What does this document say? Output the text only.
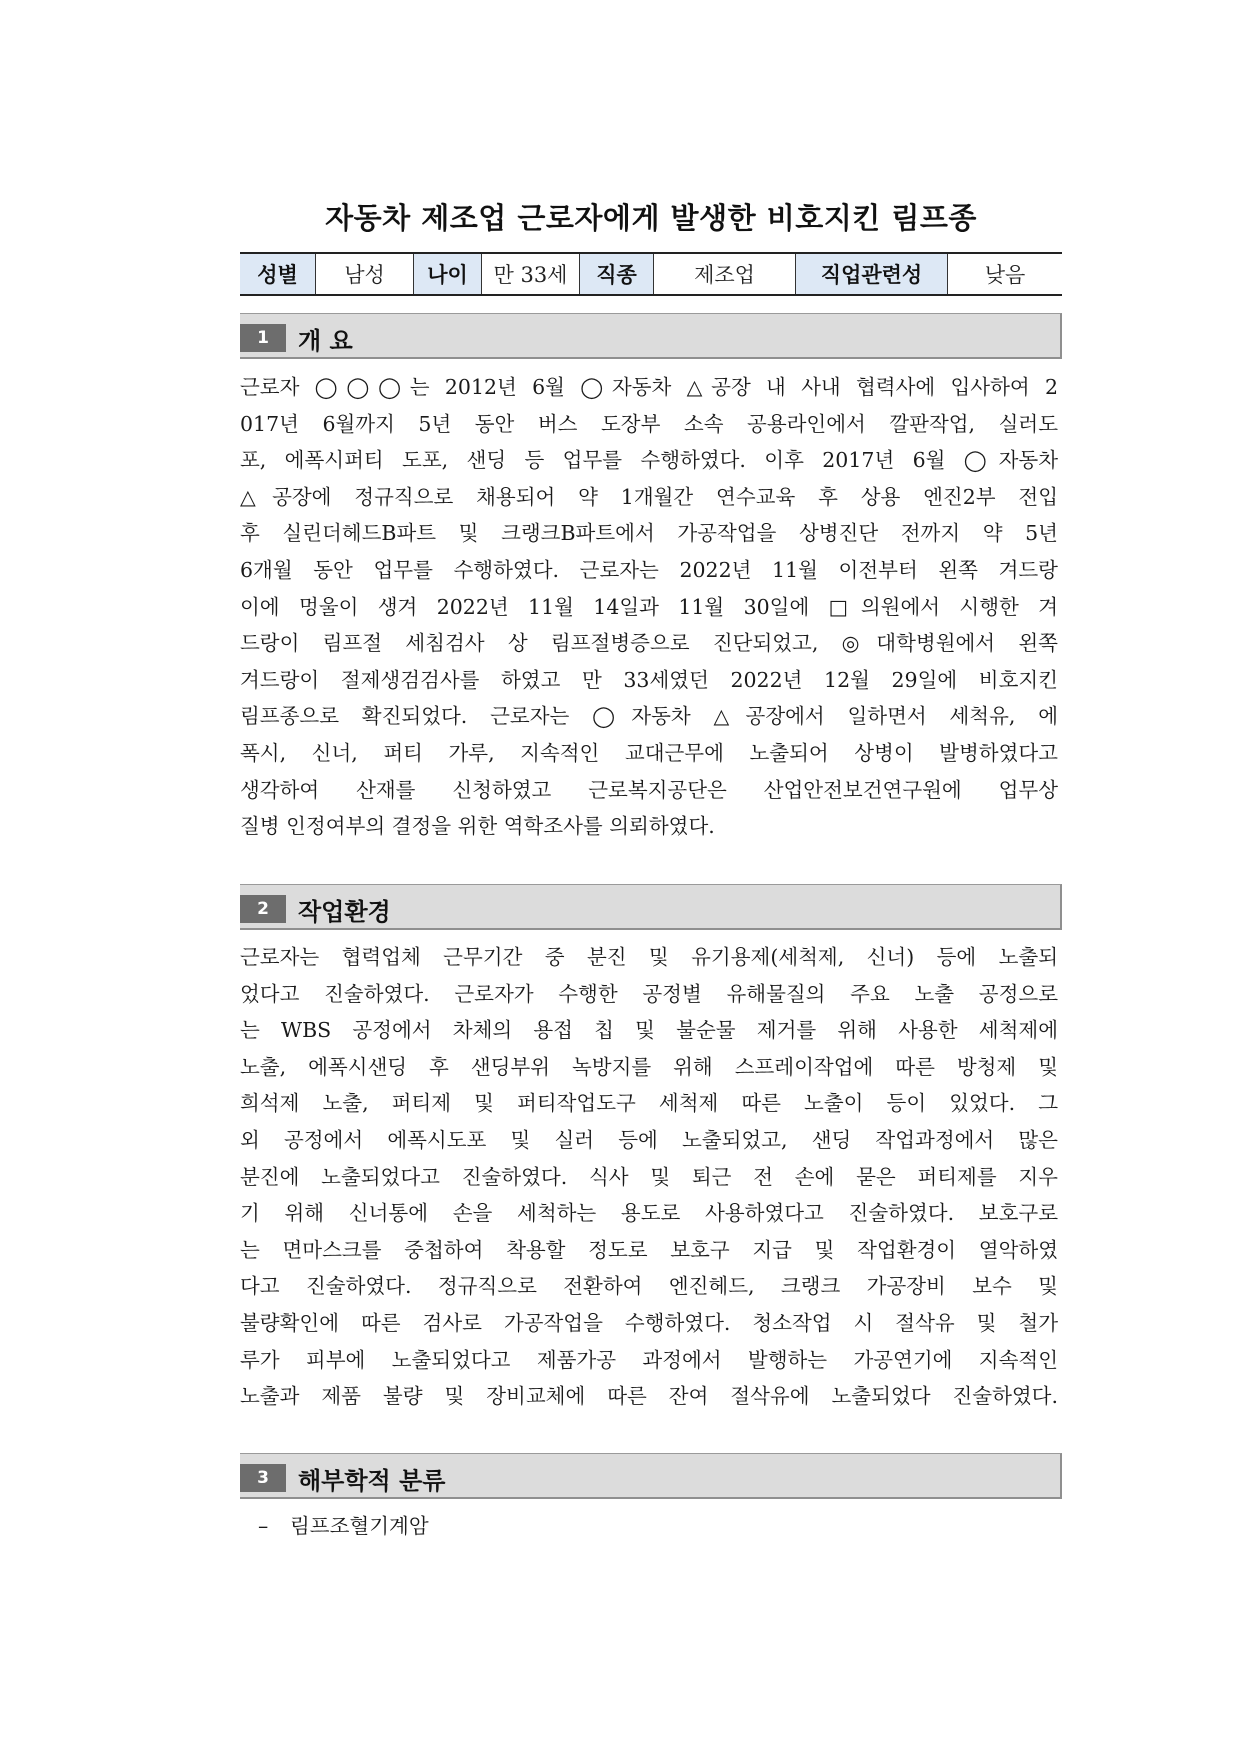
자동차 제조업 근로자에게 발생한 비호지킨 림프종
성별	남성	나이	만 33세	직종	제조업	직업관련성	낮음
1	개 요
근로자 ◯◯◯는 2012년 6월 ◯자동차 △공장 내 사내 협력사에 입사하여 2
017년 6월까지 5년 동안 버스 도장부 소속 공용라인에서 깔판작업, 실러도
포, 에폭시퍼티 도포, 샌딩 등 업무를 수행하였다. 이후 2017년 6월 ◯자동차
△공장에 정규직으로 채용되어 약 1개월간 연수교육 후 상용 엔진2부 전입
후 실린더헤드B파트 및 크랭크B파트에서 가공작업을 상병진단 전까지 약 5년
6개월 동안 업무를 수행하였다. 근로자는 2022년 11월 이전부터 왼쪽 겨드랑
이에 멍울이 생겨 2022년 11월 14일과 11월 30일에 □의원에서 시행한 겨
드랑이 림프절 세침검사 상 림프절병증으로 진단되었고, ◎대학병원에서 왼쪽
겨드랑이 절제생검검사를 하였고 만 33세였던 2022년 12월 29일에 비호지킨
림프종으로 확진되었다. 근로자는 ◯자동차 △공장에서 일하면서 세척유, 에
폭시, 신너, 퍼티 가루, 지속적인 교대근무에 노출되어 상병이 발병하였다고
생각하여 산재를 신청하였고 근로복지공단은 산업안전보건연구원에 업무상
질병 인정여부의 결정을 위한 역학조사를 의뢰하였다.
2	작업환경
근로자는 협력업체 근무기간 중 분진 및 유기용제(세척제, 신너) 등에 노출되
었다고 진술하였다. 근로자가 수행한 공정별 유해물질의 주요 노출 공정으로
는 WBS 공정에서 차체의 용접 칩 및 불순물 제거를 위해 사용한 세척제에
노출, 에폭시샌딩 후 샌딩부위 녹방지를 위해 스프레이작업에 따른 방청제 및
희석제 노출, 퍼티제 및 퍼티작업도구 세척제 따른 노출이 등이 있었다. 그
외 공정에서 에폭시도포 및 실러 등에 노출되었고, 샌딩 작업과정에서 많은
분진에 노출되었다고 진술하였다. 식사 및 퇴근 전 손에 묻은 퍼티제를 지우
기 위해 신너통에 손을 세척하는 용도로 사용하였다고 진술하였다. 보호구로
는 면마스크를 중첩하여 착용할 정도로 보호구 지급 및 작업환경이 열악하였
다고 진술하였다. 정규직으로 전환하여 엔진헤드, 크랭크 가공장비 보수 및
불량확인에 따른 검사로 가공작업을 수행하였다. 청소작업 시 절삭유 및 철가
루가 피부에 노출되었다고 제품가공 과정에서 발행하는 가공연기에 지속적인
노출과 제품 불량 및 장비교체에 따른 잔여 절삭유에 노출되었다 진술하였다.
3	해부학적 분류
– 림프조혈기계암
